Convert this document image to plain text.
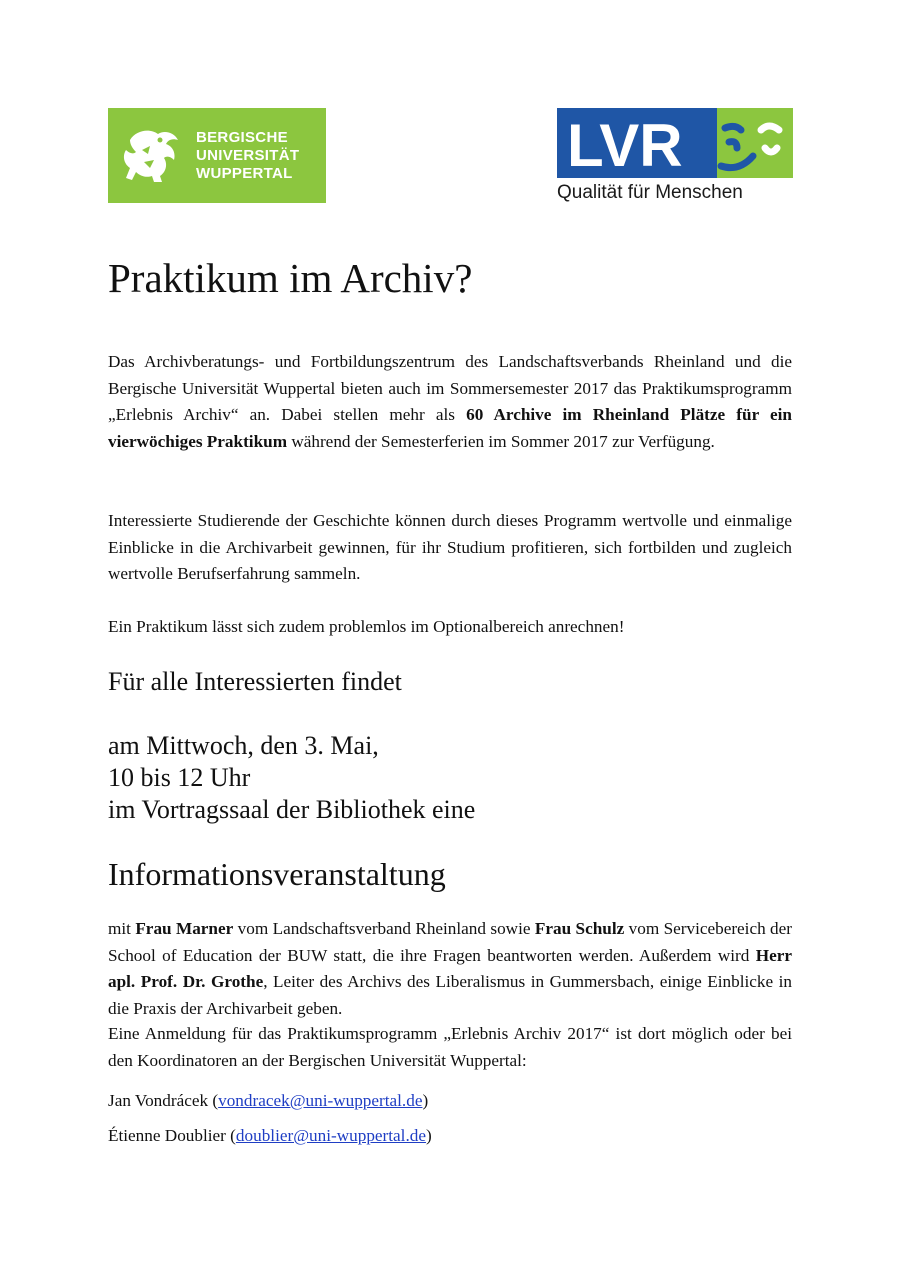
BERGISCHE
UNIVERSITÄT
WUPPERTAL	LVR
Qualität für Menschen
Praktikum im Archiv?

Das Archivberatungs- und Fortbildungszentrum des Landschaftsverbands Rheinland und die Bergische Universität Wuppertal bieten auch im Sommersemester 2017 das Praktikumsprogramm „Erlebnis Archiv“ an. Dabei stellen mehr als 60 Archive im Rheinland Plätze für ein vierwöchiges Praktikum während der Semesterferien im Sommer 2017 zur Verfügung.

Interessierte Studierende der Geschichte können durch dieses Programm wertvolle und einmalige Einblicke in die Archivarbeit gewinnen, für ihr Studium profitieren, sich fortbilden und zugleich wertvolle Berufserfahrung sammeln.

Ein Praktikum lässt sich zudem problemlos im Optionalbereich anrechnen!

Für alle Interessierten findet
am Mittwoch, den 3. Mai,
10 bis 12 Uhr
im Vortragssaal der Bibliothek eine
Informationsveranstaltung

mit Frau Marner vom Landschaftsverband Rheinland sowie Frau Schulz vom Servicebereich der School of Education der BUW statt, die ihre Fragen beantworten werden. Außerdem wird Herr apl. Prof. Dr. Grothe, Leiter des Archivs des Liberalismus in Gummersbach, einige Einblicke in die Praxis der Archivarbeit geben.

Eine Anmeldung für das Praktikumsprogramm „Erlebnis Archiv 2017“ ist dort möglich oder bei den Koordinatoren an der Bergischen Universität Wuppertal:

Jan Vondrácek (vondracek@uni-wuppertal.de)

Étienne Doublier (doublier@uni-wuppertal.de)
